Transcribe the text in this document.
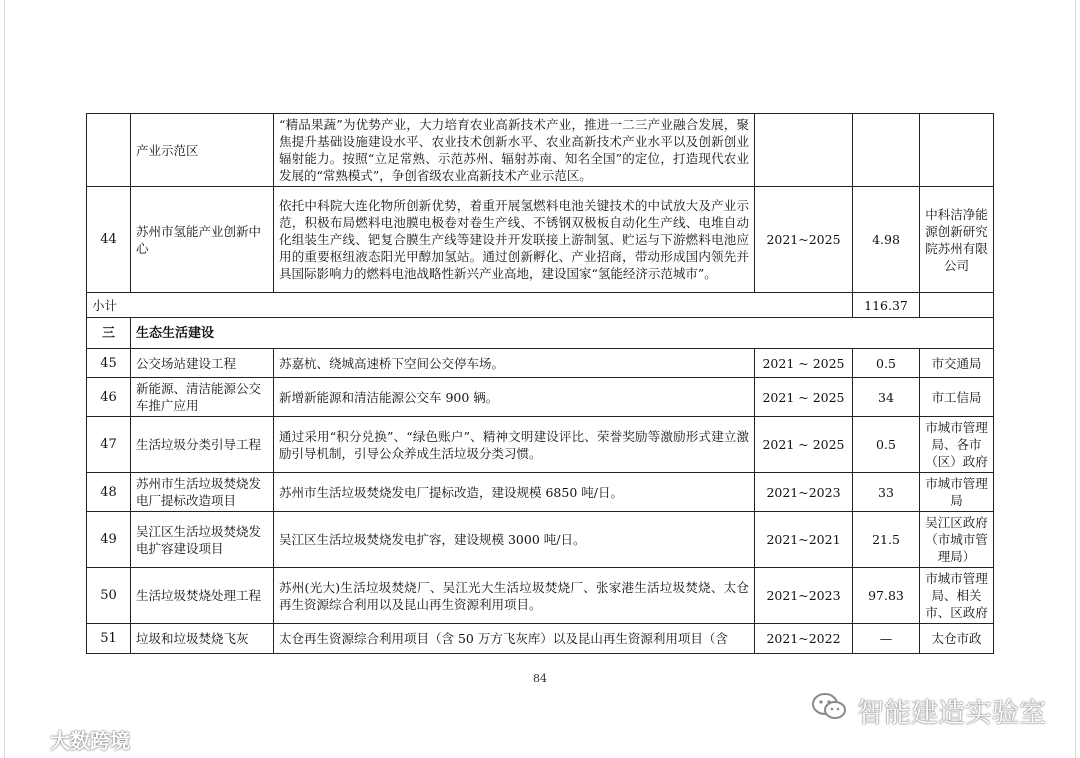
	产业示范区	“精品果蔬”为优势产业，大力培育农业高新技术产业，推进一二三产业融合发展，聚焦提升基础设施建设水平、农业技术创新水平、农业高新技术产业水平以及创新创业辐射能力。按照“立足常熟、示范苏州、辐射苏南、知名全国”的定位，打造现代农业发展的“常熟模式”，争创省级农业高新技术产业示范区。			
44	苏州市氢能产业创新中心	依托中科院大连化物所创新优势，着重开展氢燃料电池关键技术的中试放大及产业示范，积极布局燃料电池膜电极卷对卷生产线、不锈钢双极板自动化生产线、电堆自动化组装生产线、钯复合膜生产线等建设并开发联接上游制氢、贮运与下游燃料电池应用的重要枢纽液态阳光甲醇加氢站。通过创新孵化、产业招商，带动形成国内领先并具国际影响力的燃料电池战略性新兴产业高地，建设国家“氢能经济示范城市”。	2021~2025	4.98	中科洁净能源创新研究院苏州有限公司
小计				116.37	
三	生态生活建设				
45	公交场站建设工程	苏嘉杭、绕城高速桥下空间公交停车场。	2021 ~ 2025	0.5	市交通局
46	新能源、清洁能源公交车推广应用	新增新能源和清洁能源公交车 900 辆。	2021 ~ 2025	34	市工信局
47	生活垃圾分类引导工程	通过采用“积分兑换”、“绿色账户”、精神文明建设评比、荣誉奖励等激励形式建立激励引导机制，引导公众养成生活垃圾分类习惯。	2021 ~ 2025	0.5	市城市管理局、各市（区）政府
48	苏州市生活垃圾焚烧发电厂提标改造项目	苏州市生活垃圾焚烧发电厂提标改造，建设规模 6850 吨/日。	2021~2023	33	市城市管理局
49	吴江区生活垃圾焚烧发电扩容建设项目	吴江区生活垃圾焚烧发电扩容，建设规模 3000 吨/日。	2021~2021	21.5	吴江区政府（市城市管理局）
50	生活垃圾焚烧处理工程	苏州(光大)生活垃圾焚烧厂、吴江光大生活垃圾焚烧厂、张家港生活垃圾焚烧、太仓再生资源综合利用以及昆山再生资源利用项目。	2021~2023	97.83	市城市管理局、相关市、区政府
51	垃圾和垃圾焚烧飞灰	太仓再生资源综合利用项目（含 50 万方飞灰库）以及昆山再生资源利用项目（含	2021~2022	—	太仓市政
84
大数跨境
智能建造实验室
